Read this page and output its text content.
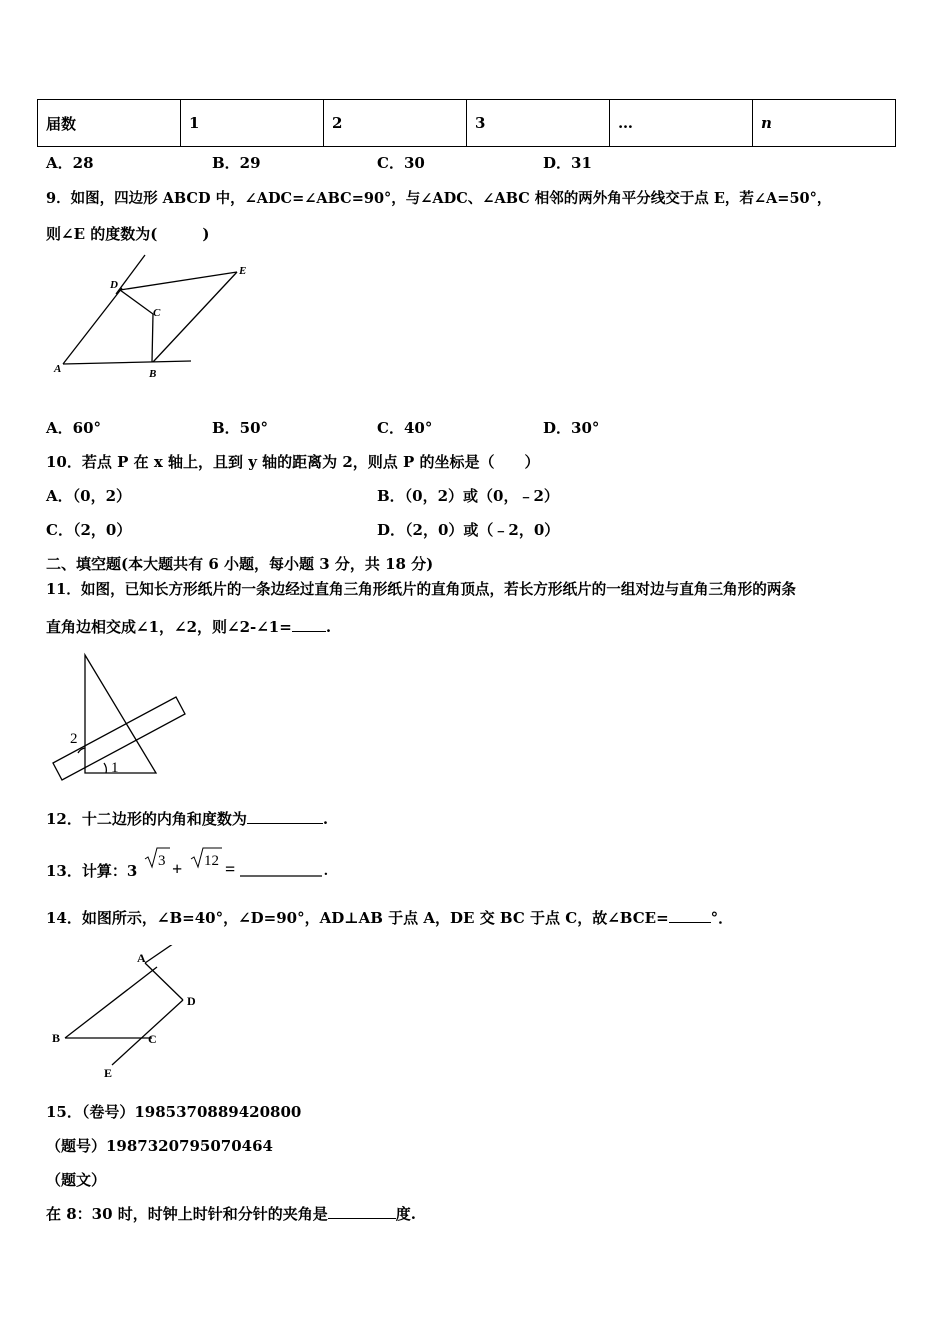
届数	1	2	3	…	n
A．28	B．29	C．30	D．31
9．如图，四边形 ABCD 中，∠ADC=∠ABC=90°，与∠ADC、∠ABC 相邻的两外角平分线交于点 E，若∠A=50°，
则∠E 的度数为(　　　)
D
E
C
A	B
A．60°	B．50°	C．40°	D．30°
10．若点 P 在 x 轴上，且到 y 轴的距离为 2，则点 P 的坐标是（　　）
A．（0，2）	B．（0，2）或（0，﹣2）
C．（2，0）	D．（2，0）或（﹣2，0）
二、填空题(本大题共有 6 小题，每小题 3 分，共 18 分)
11．如图，已知长方形纸片的一条边经过直角三角形纸片的直角顶点，若长方形纸片的一组对边与直角三角形的两条
直角边相交成∠1，∠2，则∠2-∠1= .
2
1
12．十二边形的内角和度数为	.
13．计算：3
3	12
+ =	.
14．如图所示，∠B=40°，∠D=90°，AD⊥AB 于点 A，DE 交 BC 于点 C，故∠BCE=	°．
A
D
B	C
E
15．（卷号）1985370889420800
（题号）1987320795070464
（题文）
在 8：30 时，时钟上时针和分针的夹角是	度.
